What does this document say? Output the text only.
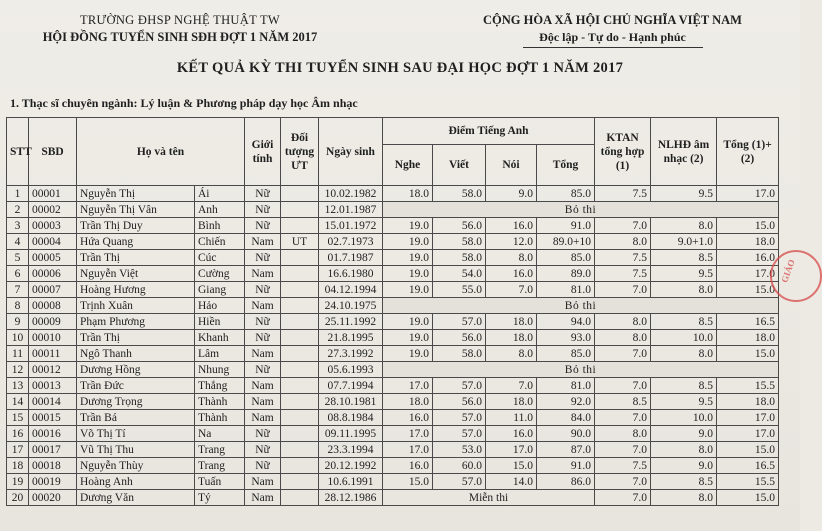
TRƯỜNG ĐHSP NGHỆ THUẬT TW
HỘI ĐỒNG TUYỂN SINH SĐH ĐỢT 1 NĂM 2017
CỘNG HÒA XÃ HỘI CHỦ NGHĨA VIỆT NAM
Độc lập - Tự do - Hạnh phúc
KẾT QUẢ KỲ THI TUYỂN SINH SAU ĐẠI HỌC ĐỢT 1 NĂM 2017
1. Thạc sĩ chuyên ngành: Lý luận & Phương pháp dạy học Âm nhạc
STT	SBD	Họ và tên		Giới tính	Đối tượng ƯT	Ngày sinh	Điểm Tiếng Anh				KTAN tổng hợp (1)	NLHĐ âm nhạc (2)	Tổng (1)+(2)
							Nghe	Viết	Nói	Tổng			
1	00001	Nguyễn Thị	Ái	Nữ		10.02.1982	18.0	58.0	9.0	85.0	7.5	9.5	17.0
2	00002	Nguyễn Thị Vân	Anh	Nữ		12.01.1987	Bỏ thi						
3	00003	Trần Thị Duy	Bình	Nữ		15.01.1972	19.0	56.0	16.0	91.0	7.0	8.0	15.0
4	00004	Hứa Quang	Chiến	Nam	UT	02.7.1973	19.0	58.0	12.0	89.0+10	8.0	9.0+1.0	18.0
5	00005	Trần Thị	Cúc	Nữ		01.7.1987	19.0	58.0	8.0	85.0	7.5	8.5	16.0
6	00006	Nguyễn Việt	Cường	Nam		16.6.1980	19.0	54.0	16.0	89.0	7.5	9.5	17.0
7	00007	Hoàng Hương	Giang	Nữ		04.12.1994	19.0	55.0	7.0	81.0	7.0	8.0	15.0
8	00008	Trịnh Xuân	Hảo	Nam		24.10.1975	Bỏ thi						
9	00009	Phạm Phương	Hiền	Nữ		25.11.1992	19.0	57.0	18.0	94.0	8.0	8.5	16.5
10	00010	Trần Thị	Khanh	Nữ		21.8.1995	19.0	56.0	18.0	93.0	8.0	10.0	18.0
11	00011	Ngô Thanh	Lâm	Nam		27.3.1992	19.0	58.0	8.0	85.0	7.0	8.0	15.0
12	00012	Dương Hồng	Nhung	Nữ		05.6.1993	Bỏ thi						
13	00013	Trần Đức	Thắng	Nam		07.7.1994	17.0	57.0	7.0	81.0	7.0	8.5	15.5
14	00014	Dương Trọng	Thành	Nam		28.10.1981	18.0	56.0	18.0	92.0	8.5	9.5	18.0
15	00015	Trần Bá	Thành	Nam		08.8.1984	16.0	57.0	11.0	84.0	7.0	10.0	17.0
16	00016	Võ Thị Tí	Na	Nữ		09.11.1995	17.0	57.0	16.0	90.0	8.0	9.0	17.0
17	00017	Vũ Thị Thu	Trang	Nữ		23.3.1994	17.0	53.0	17.0	87.0	7.0	8.0	15.0
18	00018	Nguyễn Thùy	Trang	Nữ		20.12.1992	16.0	60.0	15.0	91.0	7.5	9.0	16.5
19	00019	Hoàng Anh	Tuấn	Nam		10.6.1991	15.0	57.0	14.0	86.0	7.0	8.5	15.5
20	00020	Dương Văn	Tý	Nam		28.12.1986	Miễn thi				7.0	8.0	15.0
GIÁO
